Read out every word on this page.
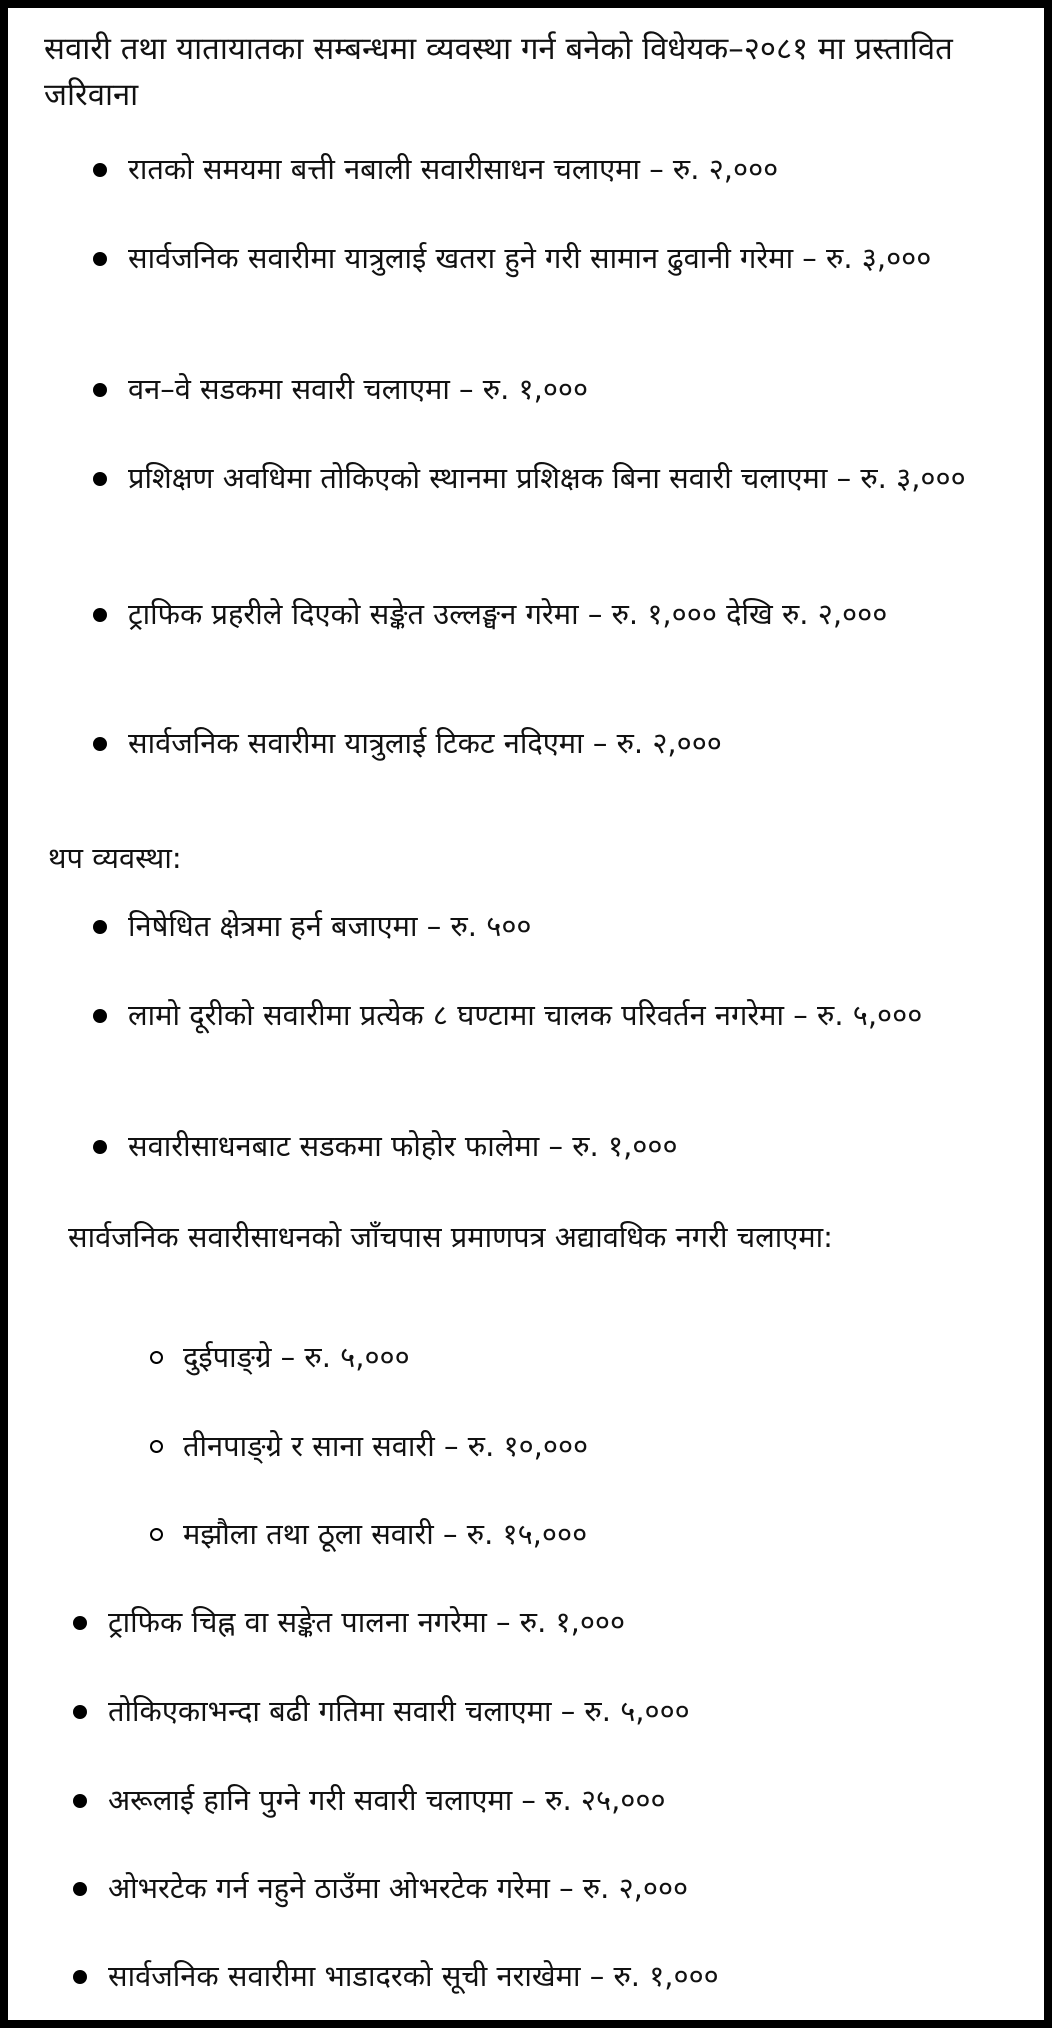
सवारी तथा यातायातका सम्बन्धमा व्यवस्था गर्न बनेको विधेयक–२०८१ मा प्रस्तावित जरिवाना

रातको समयमा बत्ती नबाली सवारीसाधन चलाएमा – रु. २,०००

सार्वजनिक सवारीमा यात्रुलाई खतरा हुने गरी सामान ढुवानी गरेमा – रु. ३,०००

वन–वे सडकमा सवारी चलाएमा – रु. १,०००

प्रशिक्षण अवधिमा तोकिएको स्थानमा प्रशिक्षक बिना सवारी चलाएमा – रु. ३,०००

ट्राफिक प्रहरीले दिएको सङ्केत उल्लङ्घन गरेमा – रु. १,००० देखि रु. २,०००

सार्वजनिक सवारीमा यात्रुलाई टिकट नदिएमा – रु. २,०००

थप व्यवस्था:

निषेधित क्षेत्रमा हर्न बजाएमा – रु. ५००

लामो दूरीको सवारीमा प्रत्येक ८ घण्टामा चालक परिवर्तन नगरेमा – रु. ५,०००

सवारीसाधनबाट सडकमा फोहोर फालेमा – रु. १,०००

सार्वजनिक सवारीसाधनको जाँचपास प्रमाणपत्र अद्यावधिक नगरी चलाएमा:

दुईपाङ्ग्रे – रु. ५,०००

तीनपाङ्ग्रे र साना सवारी – रु. १०,०००

मझौला तथा ठूला सवारी – रु. १५,०००

ट्राफिक चिह्न वा सङ्केत पालना नगरेमा – रु. १,०००

तोकिएकाभन्दा बढी गतिमा सवारी चलाएमा – रु. ५,०००

अरूलाई हानि पुग्ने गरी सवारी चलाएमा – रु. २५,०००

ओभरटेक गर्न नहुने ठाउँमा ओभरटेक गरेमा – रु. २,०००

सार्वजनिक सवारीमा भाडादरको सूची नराखेमा – रु. १,०००
